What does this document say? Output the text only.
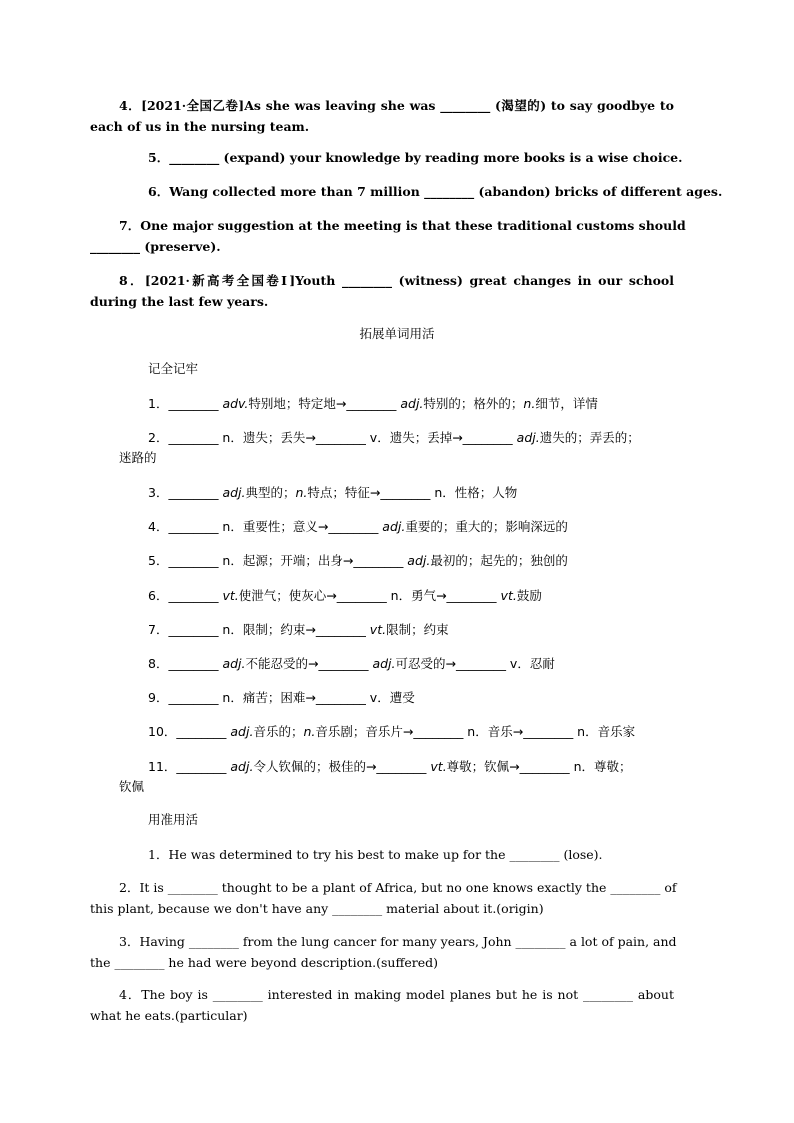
4．[2021·全国乙卷]As she was leaving she was ________ (渴望的) to say goodbye to
each of us in the nursing team.
5．________ (expand) your knowledge by reading more books is a wise choice.
6．Wang collected more than 7 million ________ (abandon) bricks of different ages.
7．One major suggestion at the meeting is that these traditional customs should
________ (preserve).
8．[2021·新高考全国卷Ⅰ]Youth ________ (witness) great changes in our school
during the last few years.
拓展单词用活
记全记牢
1．________ adv.特别地；特定地→________ adj.特别的；格外的；n.细节，详情
2．________ n．遗失；丢失→________ v．遗失；丢掉→________ adj.遗失的；弄丢的；
迷路的
3．________ adj.典型的；n.特点；特征→________ n．性格；人物
4．________ n．重要性；意义→________ adj.重要的；重大的；影响深远的
5．________ n．起源；开端；出身→________ adj.最初的；起先的；独创的
6．________ vt.使泄气；使灰心→________ n．勇气→________ vt.鼓励
7．________ n．限制；约束→________ vt.限制；约束
8．________ adj.不能忍受的→________ adj.可忍受的→________ v．忍耐
9．________ n．痛苦；困难→________ v．遭受
10．________ adj.音乐的；n.音乐剧；音乐片→________ n．音乐→________ n．音乐家
11．________ adj.令人钦佩的；极佳的→________ vt.尊敬；钦佩→________ n．尊敬；
钦佩
用准用活
1．He was determined to try his best to make up for the ________ (lose).
2．It is ________ thought to be a plant of Africa, but no one knows exactly the ________ of
this plant, because we don't have any ________ material about it.(origin)
3．Having ________ from the lung cancer for many years, John ________ a lot of pain, and
the ________ he had were beyond description.(suffered)
4．The boy is ________ interested in making model planes but he is not ________ about
what he eats.(particular)
